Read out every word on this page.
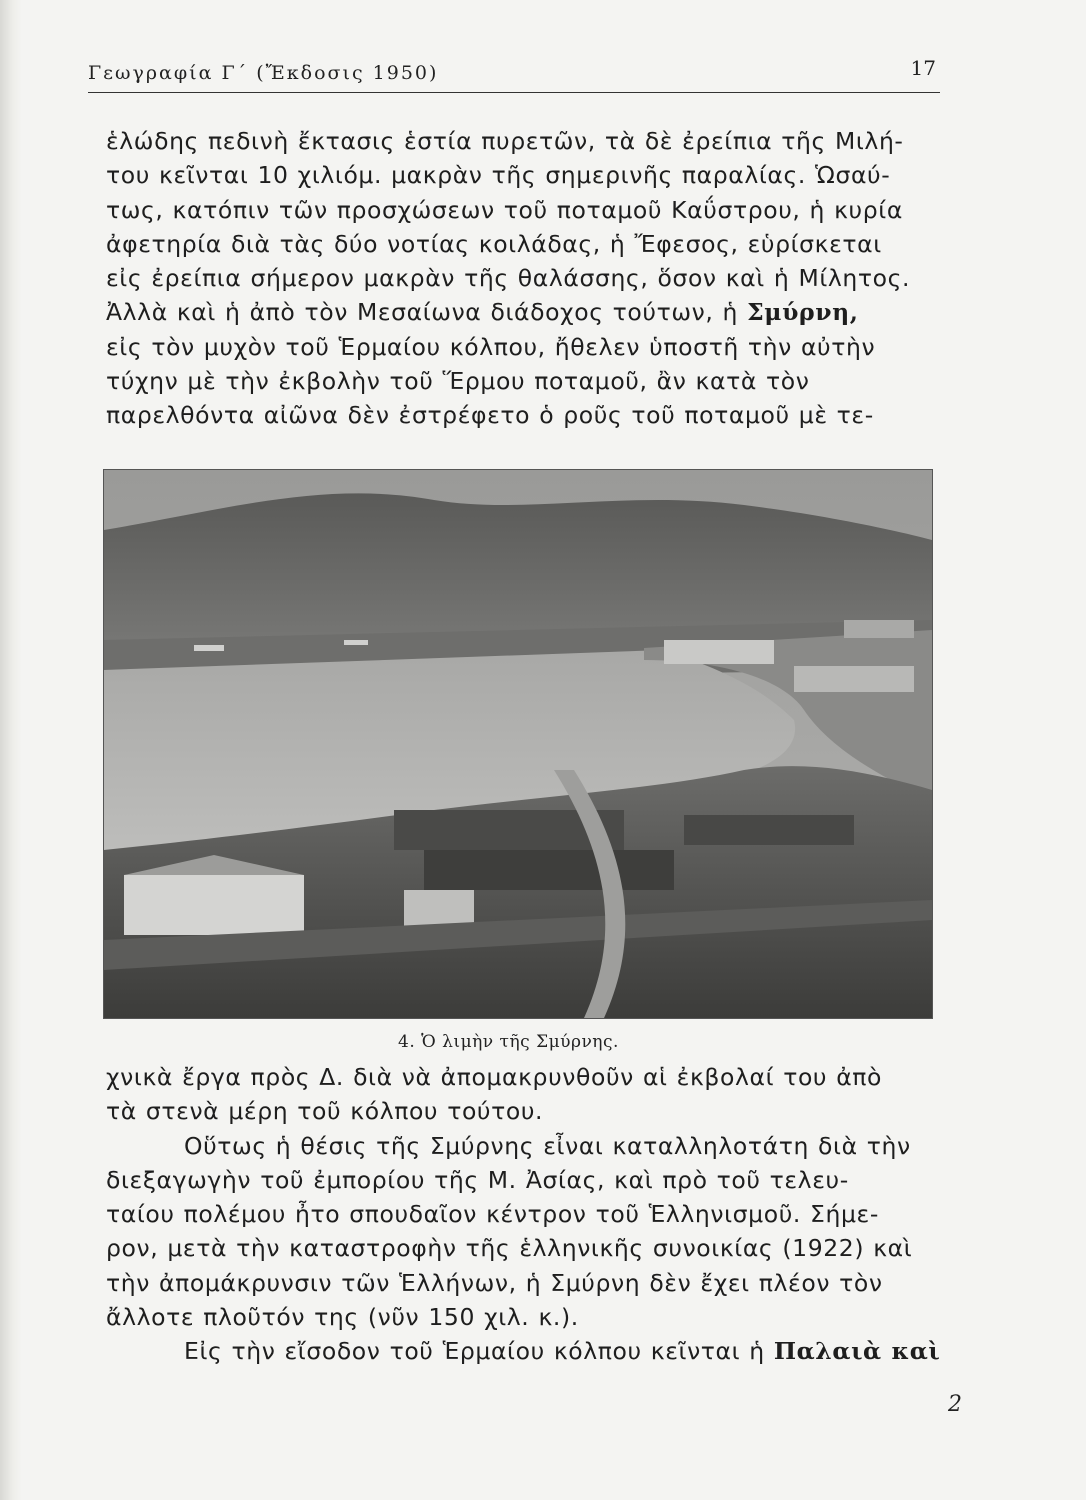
Γεωγραφία Γ΄ (Ἔκδοσις 1950)	17
ἑλώδης πεδινὴ ἔκτασις ἑστία πυρετῶν, τὰ δὲ ἐρείπια τῆς Μιλή-
του κεῖνται 10 χιλιόμ. μακρὰν τῆς σημερινῆς παραλίας. Ὡσαύ-
τως, κατόπιν τῶν προσχώσεων τοῦ ποταμοῦ Καΰστρου, ἡ κυρία
ἀφετηρία διὰ τὰς δύο νοτίας κοιλάδας, ἡ Ἔφεσος, εὑρίσκεται
εἰς ἐρείπια σήμερον μακρὰν τῆς θαλάσσης, ὅσον καὶ ἡ Μίλητος.
Ἀλλὰ καὶ ἡ ἀπὸ τὸν Μεσαίωνα διάδοχος τούτων, ἡ Σμύρνη,
εἰς τὸν μυχὸν τοῦ Ἑρμαίου κόλπου, ἤθελεν ὑποστῆ τὴν αὐτὴν
τύχην μὲ τὴν ἐκβολὴν τοῦ Ἕρμου ποταμοῦ, ἂν κατὰ τὸν
παρελθόντα αἰῶνα δὲν ἐστρέφετο ὁ ροῦς τοῦ ποταμοῦ μὲ τε-
4. Ὁ λιμὴν τῆς Σμύρνης.
χνικὰ ἔργα πρὸς Δ. διὰ νὰ ἀπομακρυνθοῦν αἱ ἐκβολαί του ἀπὸ
τὰ στενὰ μέρη τοῦ κόλπου τούτου.
Οὕτως ἡ θέσις τῆς Σμύρνης εἶναι καταλληλοτάτη διὰ τὴν
διεξαγωγὴν τοῦ ἐμπορίου τῆς Μ. Ἀσίας, καὶ πρὸ τοῦ τελευ-
ταίου πολέμου ἦτο σπουδαῖον κέντρον τοῦ Ἑλληνισμοῦ. Σήμε-
ρον, μετὰ τὴν καταστροφὴν τῆς ἑλληνικῆς συνοικίας (1922) καὶ
τὴν ἀπομάκρυνσιν τῶν Ἑλλήνων, ἡ Σμύρνη δὲν ἔχει πλέον τὸν
ἄλλοτε πλοῦτόν της (νῦν 150 χιλ. κ.).
Εἰς τὴν εἴσοδον τοῦ Ἑρμαίου κόλπου κεῖνται ἡ Παλαιὰ καὶ
2
